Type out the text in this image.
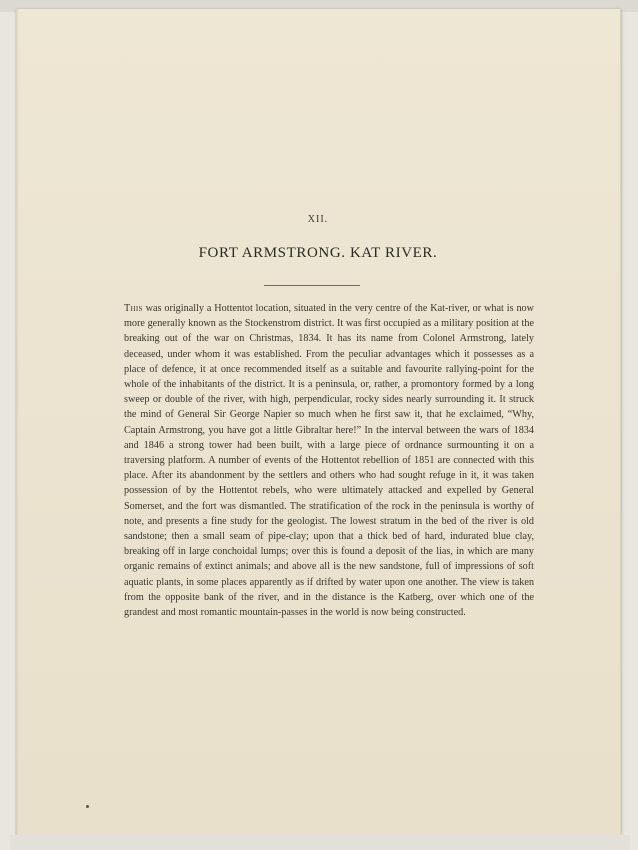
XII.
FORT ARMSTRONG. KAT RIVER.

This was originally a Hottentot location, situated in the very centre of the Kat-river, or what is now more generally known as the Stockenstrom district. It was first occupied as a military position at the breaking out of the war on Christmas, 1834. It has its name from Colonel Armstrong, lately deceased, under whom it was established. From the peculiar advantages which it possesses as a place of defence, it at once recommended itself as a suitable and favourite rallying-point for the whole of the inhabitants of the district. It is a peninsula, or, rather, a promontory formed by a long sweep or double of the river, with high, perpendicular, rocky sides nearly surrounding it. It struck the mind of General Sir George Napier so much when he first saw it, that he exclaimed, “Why, Captain Armstrong, you have got a little Gibraltar here!” In the interval between the wars of 1834 and 1846 a strong tower had been built, with a large piece of ordnance surmounting it on a traversing platform. A number of events of the Hottentot rebellion of 1851 are connected with this place. After its abandonment by the settlers and others who had sought refuge in it, it was taken possession of by the Hottentot rebels, who were ultimately attacked and expelled by General Somerset, and the fort was dismantled. The stratification of the rock in the peninsula is worthy of note, and presents a fine study for the geologist. The lowest stratum in the bed of the river is old sandstone; then a small seam of pipe-clay; upon that a thick bed of hard, indurated blue clay, breaking off in large conchoidal lumps; over this is found a deposit of the lias, in which are many organic remains of extinct animals; and above all is the new sandstone, full of impressions of soft aquatic plants, in some places apparently as if drifted by water upon one another. The view is taken from the opposite bank of the river, and in the distance is the Katberg, over which one of the grandest and most romantic mountain-passes in the world is now being constructed.
